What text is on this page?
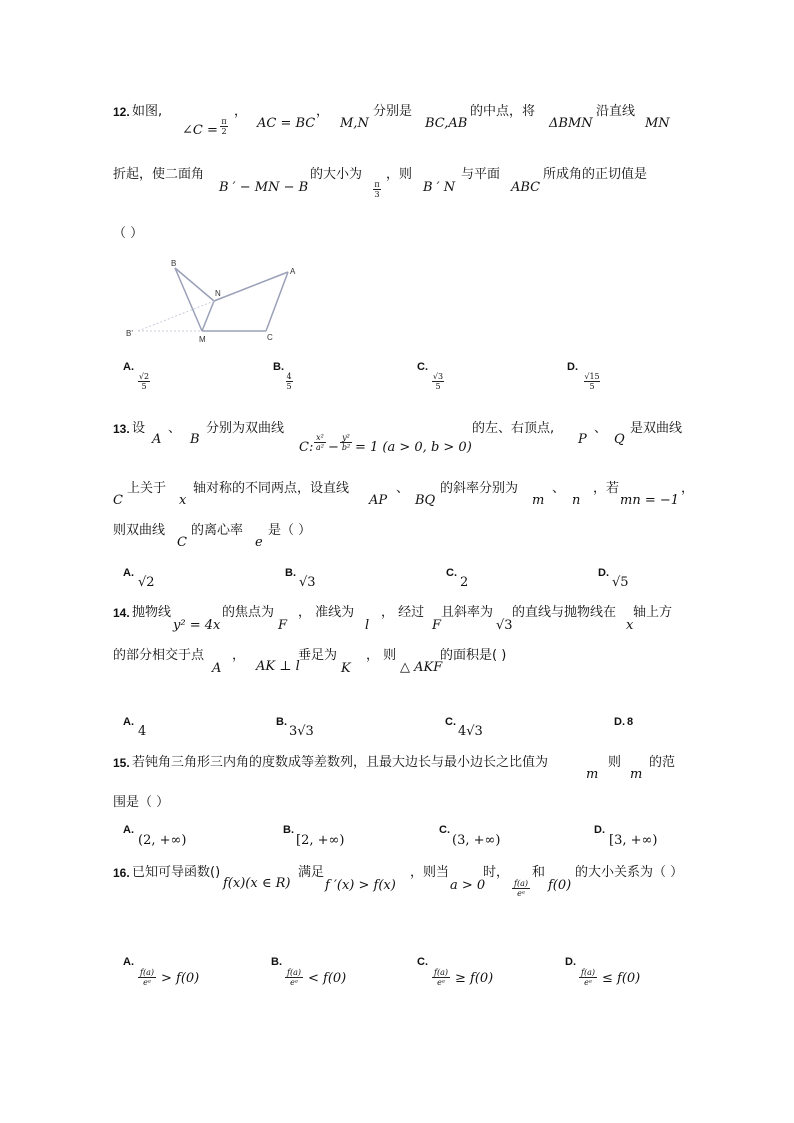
12. 如图,
∠C =
π
2
，
AC = BC
，
M,N
分别是
BC,AB
的中点，将
ΔBMN
沿直线
MN
折起，使二面角
B ′ − MN − B
的大小为
π
3
，则
B ′ N
与平面
ABC
所成角的正切值是
（ ）
B
A
N
B'
M	C
A.
√2
5
B.
4
5
C.
√3
5
D.
√15
5
13. 设
A
、
B
分别为双曲线
C:
x²
a² −
y²
b² = 1 (a > 0, b > 0)
的左、右顶点,
P
、
Q
是双曲线
C
上关于
x
轴对称的不同两点，设直线
AP
、
BQ
的斜率分别为
m
、
n
，若
mn = −1
，
则双曲线
C
的离心率
e
是（ ）
A.
√2
B.
√3
C.
2
D.
√5
14. 抛物线
y² = 4x
的焦点为
F
， 准线为
l
， 经过
F
且斜率为
√3
的直线与抛物线在
x
轴上方
的部分相交于点
A
，
AK ⊥ l
垂足为
K
， 则
△ AKF
的面积是( )
A.
4
B.
3√3
C.
4√3
D. 8
15. 若钝角三角形三内角的度数成等差数列，且最大边长与最小边长之比值为
m
则
m
的范
围是（ ）
A.
(2, +∞)
B.
[2, +∞)
C.
(3, +∞)
D.
[3, +∞)
16. 已知可导函数()
f(x)(x ∈ R)
满足
f ′(x) > f(x)
，则当
a > 0
时，
f(a)
eᵃ
和
f(0)
的大小关系为（ ）
A.
f(a)
eᵃ > f(0)
B.
f(a)
eᵃ < f(0)
C.
f(a)
eᵃ ≥ f(0)
D.
f(a)
eᵃ ≤ f(0)
